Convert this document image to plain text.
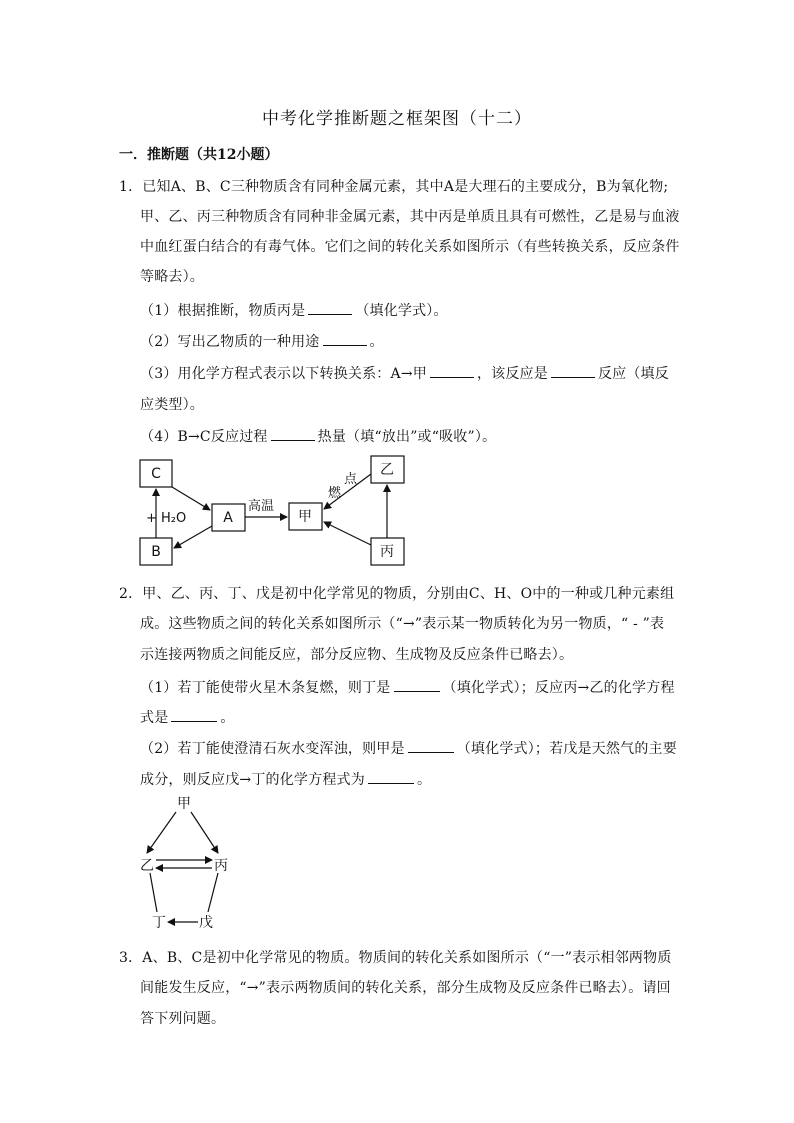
中考化学推断题之框架图（十二）
一．推断题（共12小题）
1．已知A、B、C三种物质含有同种金属元素，其中A是大理石的主要成分，B为氧化物;
甲、乙、丙三种物质含有同种非金属元素，其中丙是单质且具有可燃性，乙是易与血液
中血红蛋白结合的有毒气体。它们之间的转化关系如图所示（有些转换关系，反应条件
等略去）。
（1）根据推断，物质丙是	（填化学式）。
（2）写出乙物质的一种用途	。
（3）用化学方程式表示以下转换关系：A→甲	，该反应是	反应（填反
应类型）。
（4）B→C反应过程	热量（填“放出”或“吸收”）。
C
B
A	甲
乙
丙
+ H₂O
高温
点
燃
2．甲、乙、丙、丁、戊是初中化学常见的物质，分别由C、H、O中的一种或几种元素组
成。这些物质之间的转化关系如图所示（“→”表示某一物质转化为另一物质，“ - ”表
示连接两物质之间能反应，部分反应物、生成物及反应条件已略去）。
（1）若丁能使带火星木条复燃，则丁是	（填化学式）；反应丙→乙的化学方程
式是	。
（2）若丁能使澄清石灰水变浑浊，则甲是	（填化学式）；若戊是天然气的主要
成分，则反应戊→丁的化学方程式为	。
甲
乙	丙
丁 戊
3．A、B、C是初中化学常见的物质。物质间的转化关系如图所示（“一”表示相邻两物质
间能发生反应，“→”表示两物质间的转化关系，部分生成物及反应条件已略去）。请回
答下列问题。
